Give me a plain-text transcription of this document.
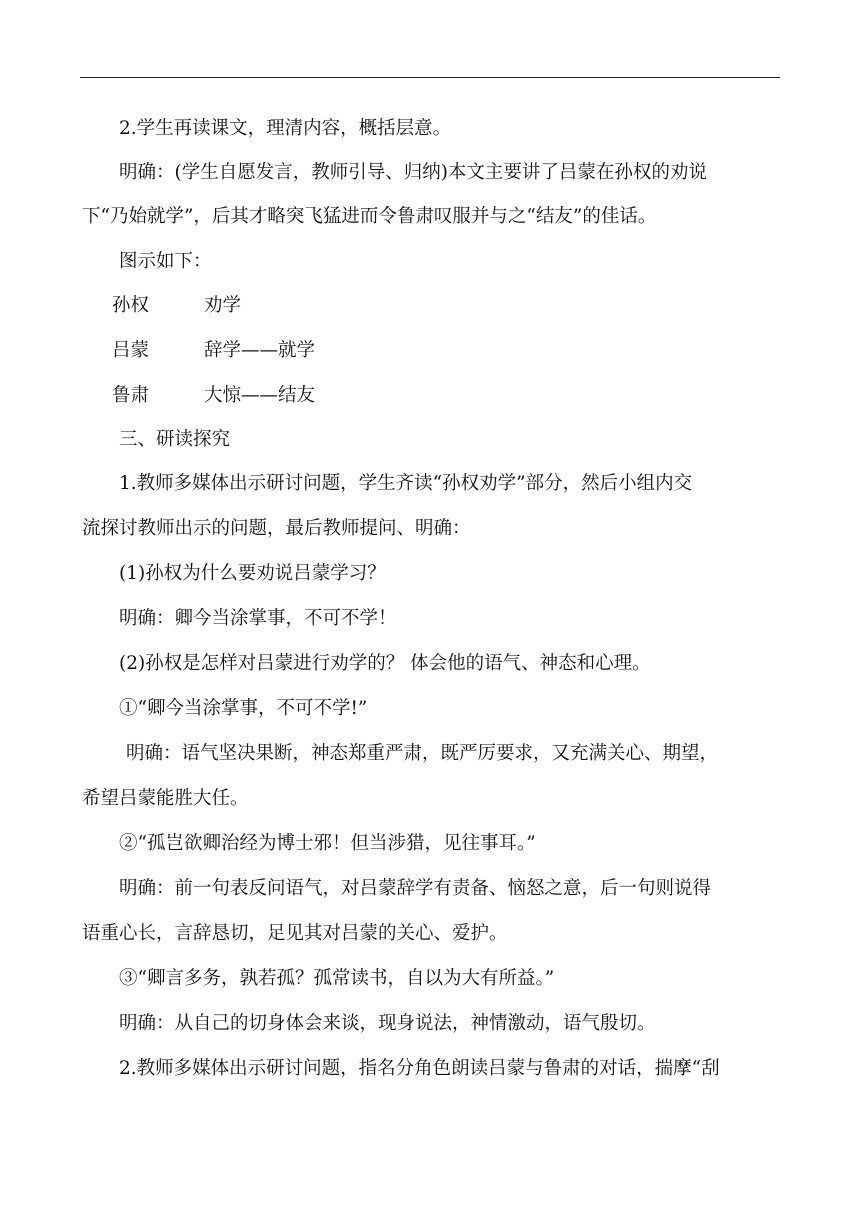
2.学生再读课文，理清内容，概括层意。
明确：(学生自愿发言，教师引导、归纳)本文主要讲了吕蒙在孙权的劝说
下“乃始就学”，后其才略突飞猛进而令鲁肃叹服并与之“结友”的佳话。
图示如下：
孙权	劝学
吕蒙	辞学——就学
鲁肃	大惊——结友
三、研读探究
1.教师多媒体出示研讨问题，学生齐读“孙权劝学”部分，然后小组内交
流探讨教师出示的问题，最后教师提问、明确：
(1)孙权为什么要劝说吕蒙学习？
明确：卿今当涂掌事，不可不学！
(2)孙权是怎样对吕蒙进行劝学的？ 体会他的语气、神态和心理。
①“卿今当涂掌事，不可不学!”
明确：语气坚决果断，神态郑重严肃，既严厉要求，又充满关心、期望，
希望吕蒙能胜大任。
②“孤岂欲卿治经为博士邪！但当涉猎，见往事耳。”
明确：前一句表反问语气，对吕蒙辞学有责备、恼怒之意，后一句则说得
语重心长，言辞恳切，足见其对吕蒙的关心、爱护。
③“卿言多务，孰若孤？孤常读书，自以为大有所益。”
明确：从自己的切身体会来谈，现身说法，神情激动，语气殷切。
2.教师多媒体出示研讨问题，指名分角色朗读吕蒙与鲁肃的对话，揣摩“刮
